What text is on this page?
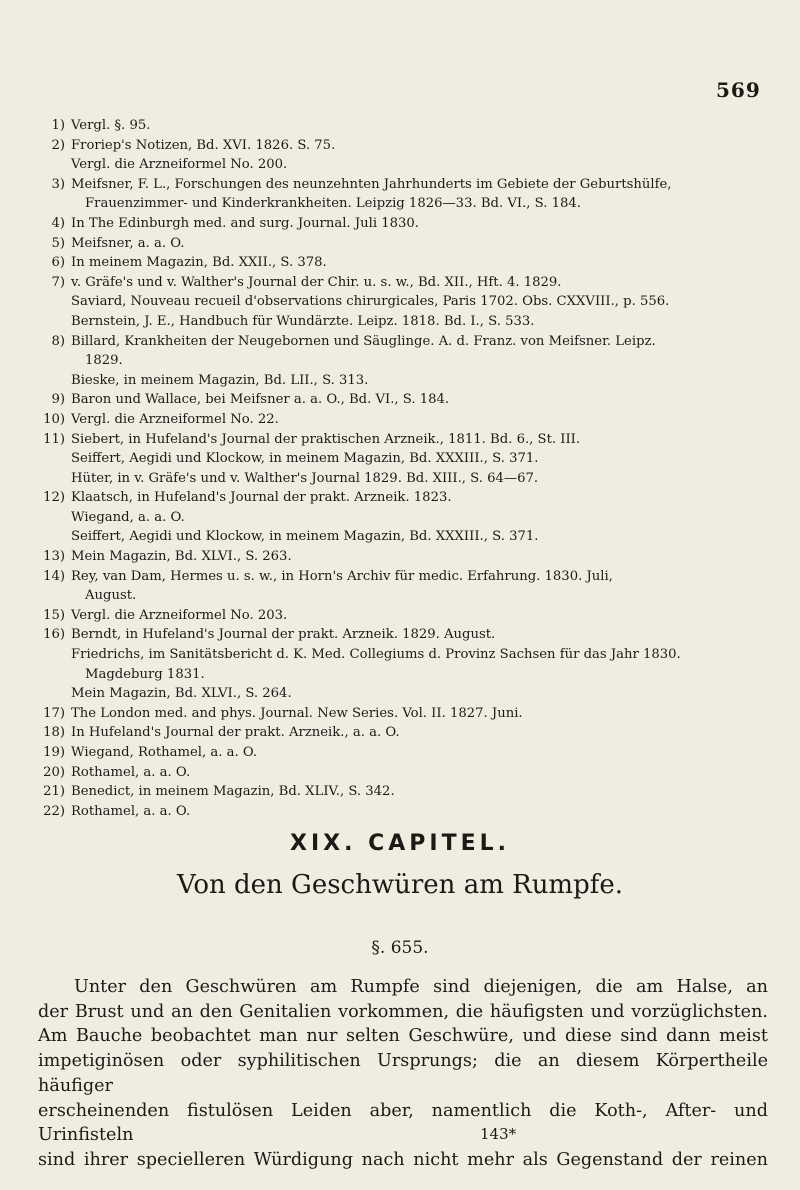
569
1) Vergl. §. 95.
2) Froriep's Notizen, Bd. XVI. 1826. S. 75.
Vergl. die Arzneiformel No. 200.
3) Meifsner, F. L., Forschungen des neunzehnten Jahrhunderts im Gebiete der Geburtshülfe,
Frauenzimmer- und Kinderkrankheiten. Leipzig 1826—33. Bd. VI., S. 184.
4) In The Edinburgh med. and surg. Journal. Juli 1830.
5) Meifsner, a. a. O.
6) In meinem Magazin, Bd. XXII., S. 378.
7) v. Gräfe's und v. Walther's Journal der Chir. u. s. w., Bd. XII., Hft. 4. 1829.
Saviard, Nouveau recueil d'observations chirurgicales, Paris 1702. Obs. CXXVIII., p. 556.
Bernstein, J. E., Handbuch für Wundärzte. Leipz. 1818. Bd. I., S. 533.
8) Billard, Krankheiten der Neugebornen und Säuglinge. A. d. Franz. von Meifsner. Leipz.
1829.
Bieske, in meinem Magazin, Bd. LII., S. 313.
9) Baron und Wallace, bei Meifsner a. a. O., Bd. VI., S. 184.
10) Vergl. die Arzneiformel No. 22.
11) Siebert, in Hufeland's Journal der praktischen Arzneik., 1811. Bd. 6., St. III.
Seiffert, Aegidi und Klockow, in meinem Magazin, Bd. XXXIII., S. 371.
Hüter, in v. Gräfe's und v. Walther's Journal 1829. Bd. XIII., S. 64—67.
12) Klaatsch, in Hufeland's Journal der prakt. Arzneik. 1823.
Wiegand, a. a. O.
Seiffert, Aegidi und Klockow, in meinem Magazin, Bd. XXXIII., S. 371.
13) Mein Magazin, Bd. XLVI., S. 263.
14) Rey, van Dam, Hermes u. s. w., in Horn's Archiv für medic. Erfahrung. 1830. Juli,
August.
15) Vergl. die Arzneiformel No. 203.
16) Berndt, in Hufeland's Journal der prakt. Arzneik. 1829. August.
Friedrichs, im Sanitätsbericht d. K. Med. Collegiums d. Provinz Sachsen für das Jahr 1830.
Magdeburg 1831.
Mein Magazin, Bd. XLVI., S. 264.
17) The London med. and phys. Journal. New Series. Vol. II. 1827. Juni.
18) In Hufeland's Journal der prakt. Arzneik., a. a. O.
19) Wiegand, Rothamel, a. a. O.
20) Rothamel, a. a. O.
21) Benedict, in meinem Magazin, Bd. XLIV., S. 342.
22) Rothamel, a. a. O.
XIX. CAPITEL.
Von den Geschwüren am Rumpfe.
§. 655.
Unter den Geschwüren am Rumpfe sind diejenigen, die am Halse, an
der Brust und an den Genitalien vorkommen, die häufigsten und vorzüglichsten.
Am Bauche beobachtet man nur selten Geschwüre, und diese sind dann meist
impetiginösen oder syphilitischen Ursprungs; die an diesem Körpertheile häufiger
erscheinenden fistulösen Leiden aber, namentlich die Koth-, After- und Urinfisteln
sind ihrer specielleren Würdigung nach nicht mehr als Gegenstand der reinen
143*
